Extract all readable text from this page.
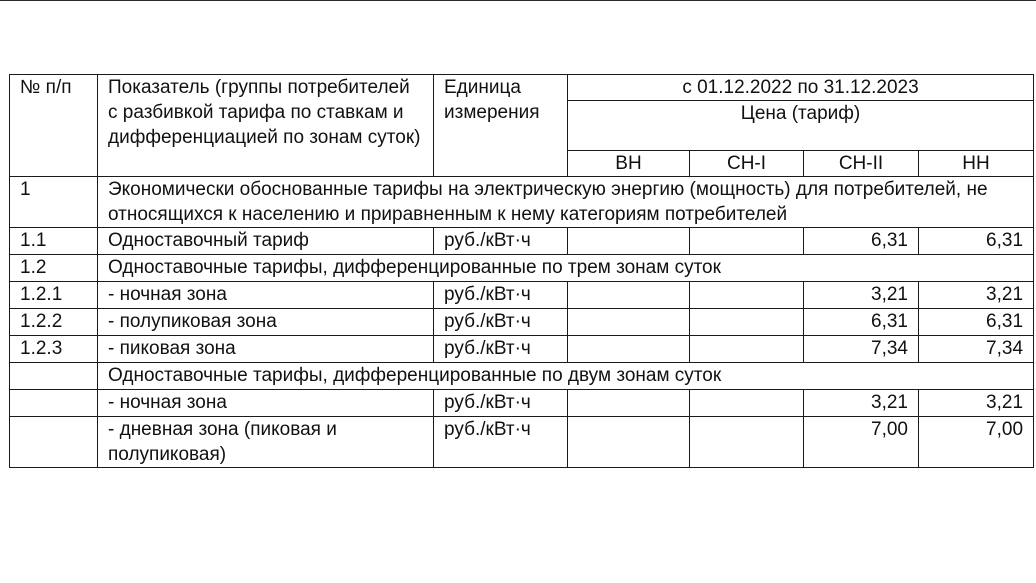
№ п/п	Показатель (группы потребителей с разбивкой тарифа по ставкам и дифференциацией по зонам суток)	Единица измерения	с 01.12.2022 по 31.12.2023			
			Цена (тариф)			
			ВН	СН-I	СН-II	НН
1	Экономически обоснованные тарифы на электрическую энергию (мощность) для потребителей, не относящихся к населению и приравненным к нему категориям потребителей					
1.1	Одноставочный тариф	руб./кВт·ч			6,31	6,31
1.2	Одноставочные тарифы, дифференцированные по трем зонам суток					
1.2.1	- ночная зона	руб./кВт·ч			3,21	3,21
1.2.2	- полупиковая зона	руб./кВт·ч			6,31	6,31
1.2.3	- пиковая зона	руб./кВт·ч			7,34	7,34
	Одноставочные тарифы, дифференцированные по двум зонам суток					
	- ночная зона	руб./кВт·ч			3,21	3,21
	- дневная зона (пиковая и полупиковая)	руб./кВт·ч			7,00	7,00
